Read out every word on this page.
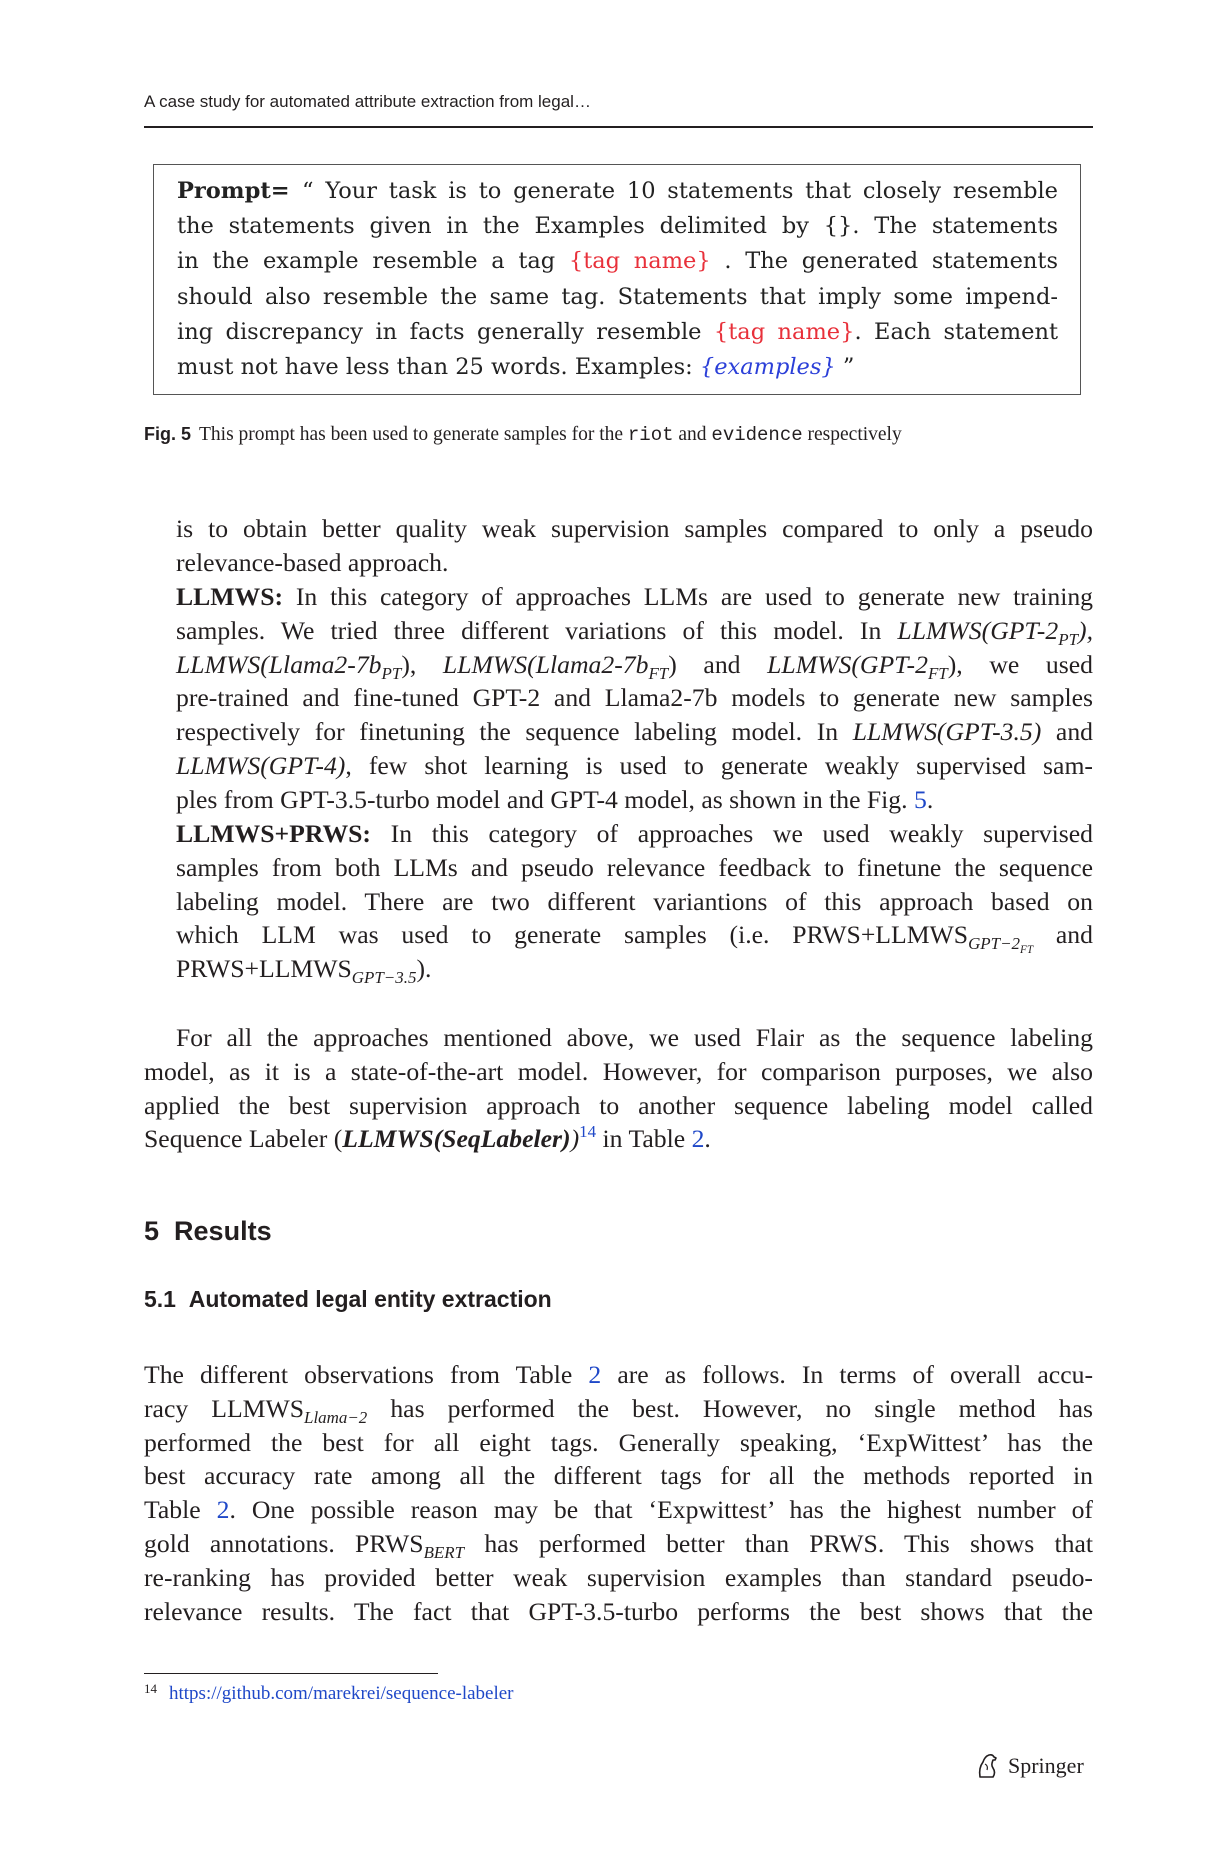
A case study for automated attribute extraction from legal…
Prompt= “ Your task is to generate 10 statements that closely resemble
the statements given in the Examples delimited by {}. The statements
in the example resemble a tag {tag name} . The generated statements
should also resemble the same tag. Statements that imply some impend-
ing discrepancy in facts generally resemble {tag name}. Each statement
must not have less than 25 words. Examples: {examples} ”
Fig. 5 This prompt has been used to generate samples for the riot and evidence respectively
is to obtain better quality weak supervision samples compared to only a pseudo
relevance-based approach.
LLMWS: In this category of approaches LLMs are used to generate new training
samples. We tried three different variations of this model. In $LLMWS(GPT-2_{PT})$,
$LLMWS(Llama2-7b_{PT})$, $LLMWS(Llama2-7b_{FT})$ and $LLMWS(GPT-2_{FT})$, we used
pre-trained and fine-tuned GPT-2 and Llama2-7b models to generate new samples
respectively for finetuning the sequence labeling model. In LLMWS(GPT-3.5) and
LLMWS(GPT-4), few shot learning is used to generate weakly supervised sam-
ples from GPT-3.5-turbo model and GPT-4 model, as shown in the Fig. 5.
LLMWS+PRWS: In this category of approaches we used weakly supervised
samples from both LLMs and pseudo relevance feedback to finetune the sequence
labeling model. There are two different variantions of this approach based on
which LLM was used to generate samples (i.e. $PRWS+LLMWS_{GPT-2_{FT}}$ and
$PRWS+LLMWS_{GPT-3.5}$).
For all the approaches mentioned above, we used Flair as the sequence labeling
model, as it is a state-of-the-art model. However, for comparison purposes, we also
applied the best supervision approach to another sequence labeling model called
Sequence Labeler (LLMWS(SeqLabeler))$^{14}$ in Table 2.
5 Results
5.1 Automated legal entity extraction
The different observations from Table 2 are as follows. In terms of overall accu-
racy $LLMWS_{Llama-2}$ has performed the best. However, no single method has
performed the best for all eight tags. Generally speaking, ‘ExpWittest’ has the
best accuracy rate among all the different tags for all the methods reported in
Table 2. One possible reason may be that ‘Expwittest’ has the highest number of
gold annotations. $PRWS_{BERT}$ has performed better than PRWS. This shows that
re-ranking has provided better weak supervision examples than standard pseudo-
relevance results. The fact that GPT-3.5-turbo performs the best shows that the
$^{14}$ https://github.com/marekrei/sequence-labeler
Springer
